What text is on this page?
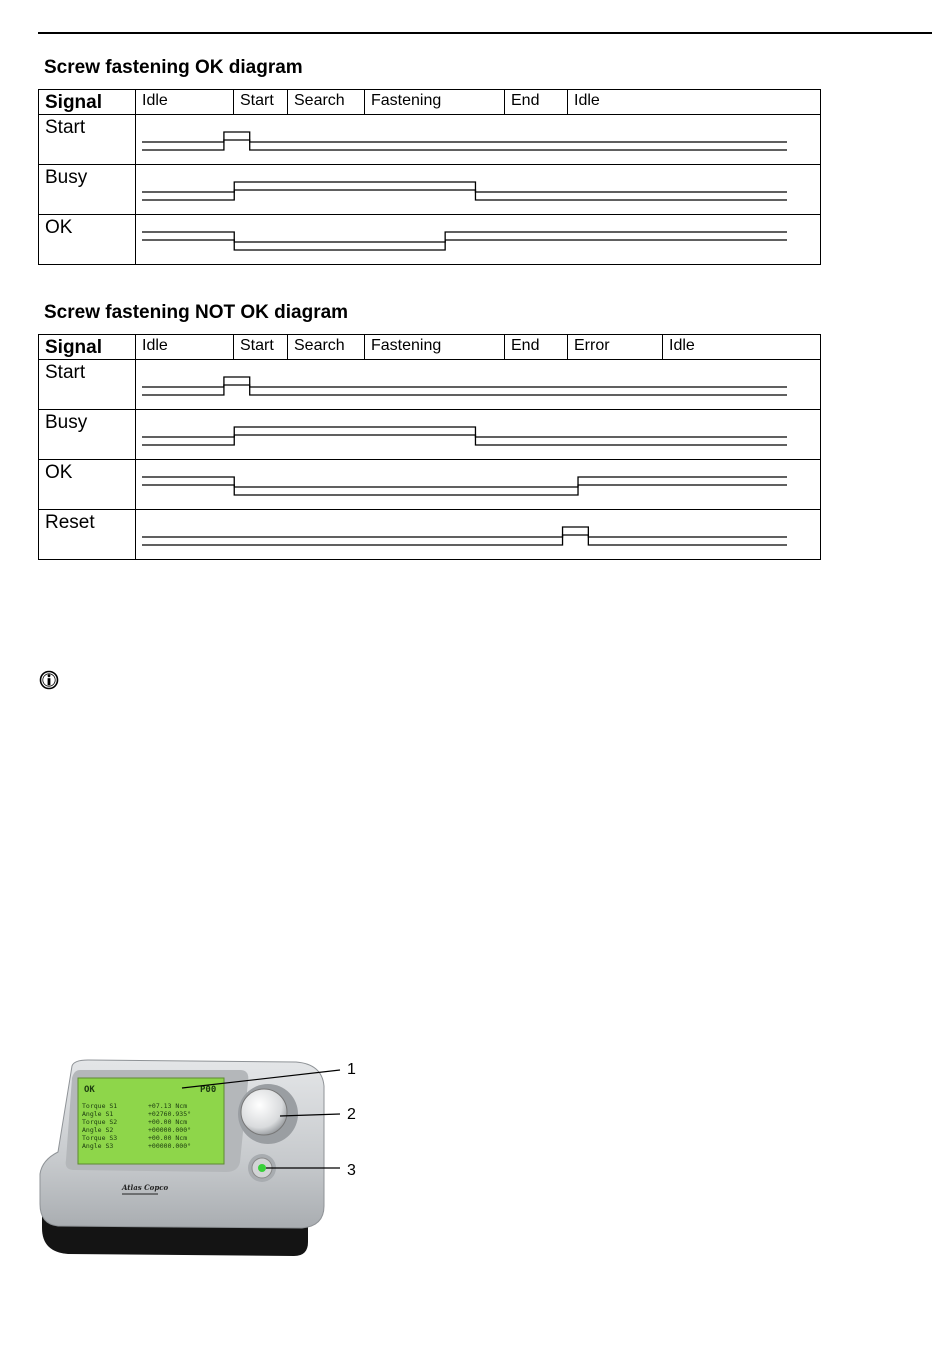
Screw fastening OK diagram
Signal	Idle	Start	Search	Fastening	End	Idle
Start	

Busy	

OK	
Screw fastening NOT OK diagram
Signal	Idle	Start	Search	Fastening	End	Error	Idle
Start	

Busy	

OK	

Reset	
OK	P00
Torque S1	+07.13 Ncm
Angle S1	+02760.935°
Torque S2	+00.00 Ncm
Angle S2	+00000.000°
Torque S3	+00.00 Ncm
Angle S3	+00000.000°
Atlas Copco
1
2
3
